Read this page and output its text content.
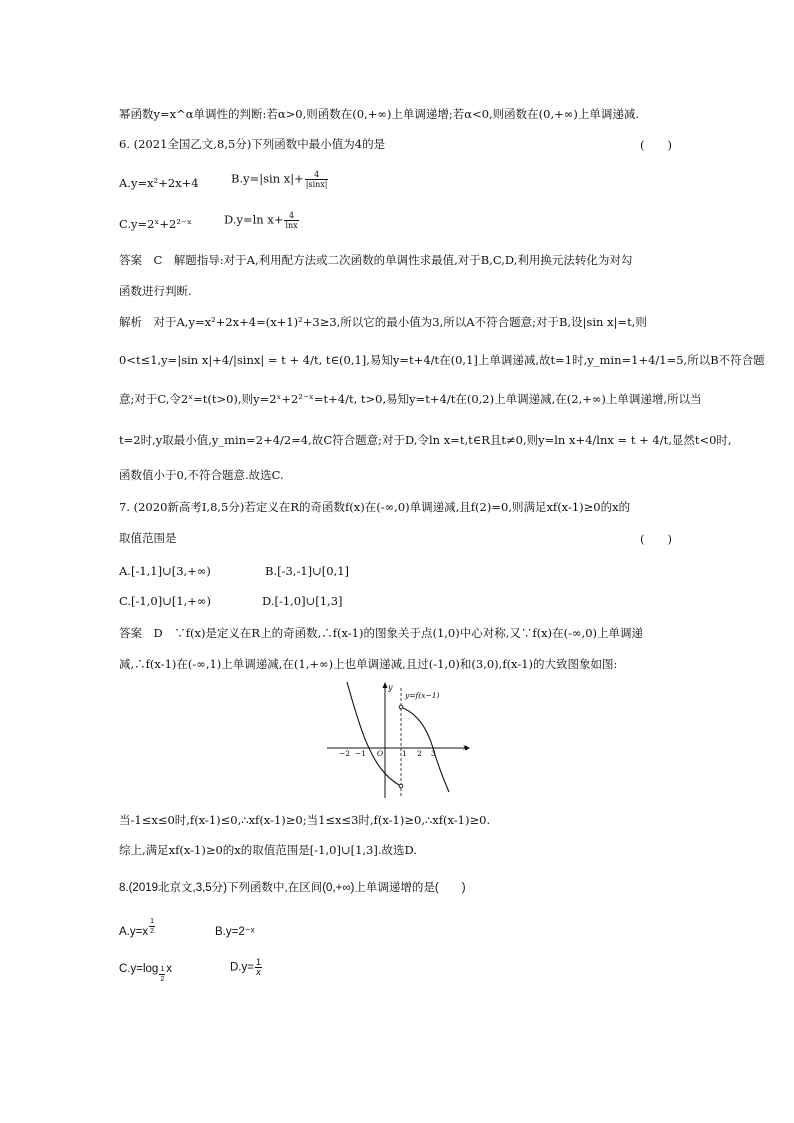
幂函数y=x^α单调性的判断:若α>0,则函数在(0,+∞)上单调递增;若α<0,则函数在(0,+∞)上单调递减.
6. (2021全国乙文,8,5分)下列函数中最小值为4的是	(　　)
A.y=x²+2x+4	B.y=|sin $x|+ \frac{4}{|\sin x|}$
C.y=2ˣ+2²⁻ˣ	D.y=ln $x+ \frac{4}{\ln x}$
答案　C　解题指导:对于A,利用配方法或二次函数的单调性求最值,对于B,C,D,利用换元法转化为对勾
函数进行判断.
解析　对于A,y=x²+2x+4=(x+1)²+3≥3,所以它的最小值为3,所以A不符合题意;对于B,设|sin x|=t,则
0<t≤1,y=|sin x|+4/|sinx| = t + 4/t, t∈(0,1],易知y=t+4/t在(0,1]上单调递减,故t=1时,y_min=1+4/1=5,所以B不符合题
意;对于C,令2ˣ=t(t>0),则y=2ˣ+2²⁻ˣ=t+4/t, t>0,易知y=t+4/t在(0,2)上单调递减,在(2,+∞)上单调递增,所以当
t=2时,y取最小值,y_min=2+4/2=4,故C符合题意;对于D,令ln x=t,t∈R且t≠0,则y=ln x+4/lnx = t + 4/t,显然t<0时,
函数值小于0,不符合题意.故选C.
7. (2020新高考Ⅰ,8,5分)若定义在R的奇函数f(x)在(-∞,0)单调递减,且f(2)=0,则满足xf(x-1)≥0的x的
取值范围是	(　　)
A.[-1,1]∪[3,+∞)	B.[-3,-1]∪[0,1]
C.[-1,0]∪[1,+∞)	D.[-1,0]∪[1,3]
答案　D　∵f(x)是定义在R上的奇函数,∴f(x-1)的图象关于点(1,0)中心对称,又∵f(x)在(-∞,0)上单调递
减,∴f(x-1)在(-∞,1)上单调递减,在(1,+∞)上也单调递减,且过(-1,0)和(3,0),f(x-1)的大致图象如图:
x
y
−2 −1 O	1 2 3
y=f(x−1)
当-1≤x≤0时,f(x-1)≤0,∴xf(x-1)≥0;当1≤x≤3时,f(x-1)≥0,∴xf(x-1)≥0.
综上,满足xf(x-1)≥0的x的取值范围是[-1,0]∪[1,3].故选D.
8.(2019北京文,3,5分)下列函数中,在区间(0,+∞)上单调递增的是(　　)
$A.y=x \frac{1}{2}$	B.y=2⁻ˣ
$C.y=\log \frac{1}{2}$ x	$D.y= \frac{1}{x}$
